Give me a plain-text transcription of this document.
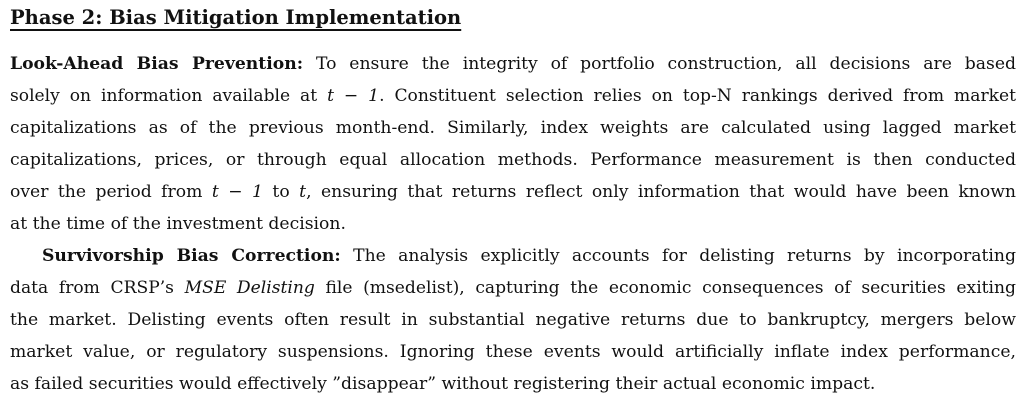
Phase 2: Bias Mitigation Implementation
Look-Ahead Bias Prevention: To ensure the integrity of portfolio construction, all decisions are based
solely on information available at t − 1. Constituent selection relies on top-N rankings derived from market
capitalizations as of the previous month-end. Similarly, index weights are calculated using lagged market
capitalizations, prices, or through equal allocation methods. Performance measurement is then conducted
over the period from t − 1 to t, ensuring that returns reflect only information that would have been known
at the time of the investment decision.
Survivorship Bias Correction: The analysis explicitly accounts for delisting returns by incorporating
data from CRSP’s MSE Delisting file (msedelist), capturing the economic consequences of securities exiting
the market. Delisting events often result in substantial negative returns due to bankruptcy, mergers below
market value, or regulatory suspensions. Ignoring these events would artificially inflate index performance,
as failed securities would effectively ”disappear” without registering their actual economic impact.
